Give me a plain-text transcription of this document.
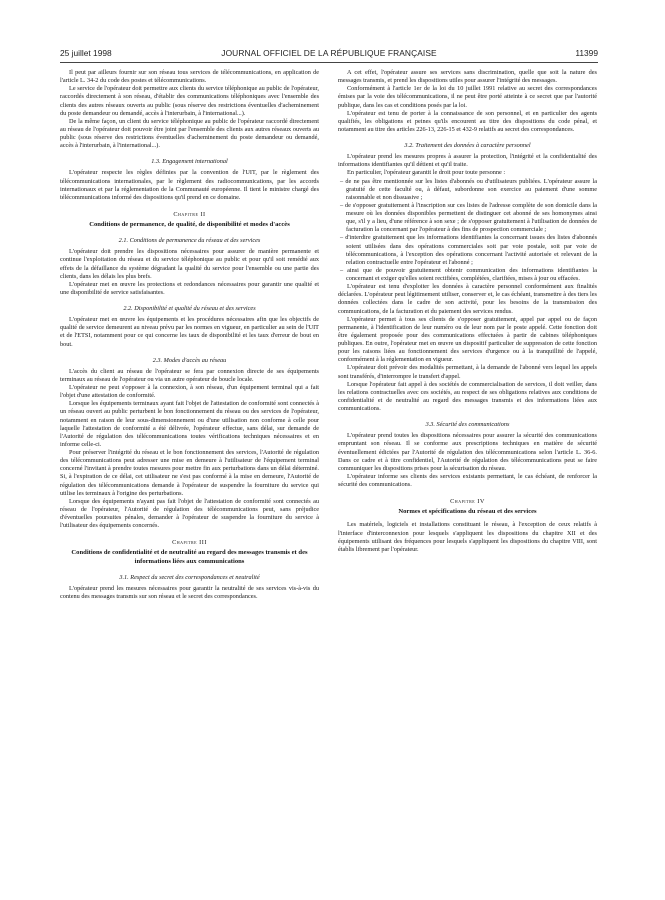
25 juillet 1998	JOURNAL OFFICIEL DE LA RÉPUBLIQUE FRANÇAISE	11399

Il peut par ailleurs fournir sur son réseau tous services de télécommunications, en application de l'article L. 34-2 du code des postes et télécommunications.

Le service de l'opérateur doit permettre aux clients du service téléphonique au public de l'opérateur, raccordés directement à son réseau, d'établir des communications téléphoniques avec l'ensemble des clients des autres réseaux ouverts au public (sous réserve des restrictions éventuelles d'acheminement du poste demandeur ou demandé, accès à l'interurbain, à l'international...).

De la même façon, un client du service téléphonique au public de l'opérateur raccordé directement au réseau de l'opérateur doit pouvoir être joint par l'ensemble des clients aux autres réseaux ouverts au public (sous réserve des restrictions éventuelles d'acheminement du poste demandeur ou demandé, accès à l'interurbain, à l'international...).

1.3. Engagement international

L'opérateur respecte les règles définies par la convention de l'UIT, par le règlement des télécommunications internationales, par le règlement des radiocommunications, par les accords internationaux et par la réglementation de la Communauté européenne. Il tient le ministre chargé des télécommunications informé des dispositions qu'il prend en ce domaine.

Chapitre II

Conditions de permanence, de qualité, de disponibilité et modes d'accès

2.1. Conditions de permanence du réseau et des services

L'opérateur doit prendre les dispositions nécessaires pour assurer de manière permanente et continue l'exploitation du réseau et du service téléphonique au public et pour qu'il soit remédié aux effets de la défaillance du système dégradant la qualité du service pour l'ensemble ou une partie des clients, dans les délais les plus brefs.

L'opérateur met en œuvre les protections et redondances nécessaires pour garantir une qualité et une disponibilité de service satisfaisantes.

2.2. Disponibilité et qualité du réseau et des services

L'opérateur met en œuvre les équipements et les procédures nécessaires afin que les objectifs de qualité de service demeurent au niveau prévu par les normes en vigueur, en particulier au sein de l'UIT et de l'ETSI, notamment pour ce qui concerne les taux de disponibilité et les taux d'erreur de bout en bout.

2.3. Modes d'accès au réseau

L'accès du client au réseau de l'opérateur se fera par connexion directe de ses équipements terminaux au réseau de l'opérateur ou via un autre opérateur de boucle locale.

L'opérateur ne peut s'opposer à la connexion, à son réseau, d'un équipement terminal qui a fait l'objet d'une attestation de conformité.

Lorsque les équipements terminaux ayant fait l'objet de l'attestation de conformité sont connectés à un réseau ouvert au public perturbent le bon fonctionnement du réseau ou des services de l'opérateur, notamment en raison de leur sous-dimensionnement ou d'une utilisation non conforme à celle pour laquelle l'attestation de conformité a été délivrée, l'opérateur effectue, sans délai, sur demande de l'Autorité de régulation des télécommunications toutes vérifications techniques nécessaires et en informe celle-ci.

Pour préserver l'intégrité du réseau et le bon fonctionnement des services, l'Autorité de régulation des télécommunications peut adresser une mise en demeure à l'utilisateur de l'équipement terminal concerné l'invitant à prendre toutes mesures pour mettre fin aux perturbations dans un délai déterminé. Si, à l'expiration de ce délai, cet utilisateur ne s'est pas conformé à la mise en demeure, l'Autorité de régulation des télécommunications demande à l'opérateur de suspendre la fourniture du service qui utilise les terminaux à l'origine des perturbations.

Lorsque des équipements n'ayant pas fait l'objet de l'attestation de conformité sont connectés au réseau de l'opérateur, l'Autorité de régulation des télécommunications peut, sans préjudice d'éventuelles poursuites pénales, demander à l'opérateur de suspendre la fourniture du service à l'utilisateur des équipements concernés.

Chapitre III

Conditions de confidentialité et de neutralité au regard des messages transmis et des informations liées aux communications

3.1. Respect du secret des correspondances et neutralité

L'opérateur prend les mesures nécessaires pour garantir la neutralité de ses services vis-à-vis du contenu des messages transmis sur son réseau et le secret des correspondances.

A cet effet, l'opérateur assure ses services sans discrimination, quelle que soit la nature des messages transmis, et prend les dispositions utiles pour assurer l'intégrité des messages.

Conformément à l'article 1er de la loi du 10 juillet 1991 relative au secret des correspondances émises par la voie des télécommunications, il ne peut être porté atteinte à ce secret que par l'autorité publique, dans les cas et conditions posés par la loi.

L'opérateur est tenu de porter à la connaissance de son personnel, et en particulier des agents qualifiés, les obligations et peines qu'ils encourent au titre des dispositions du code pénal, et notamment au titre des articles 226-13, 226-15 et 432-9 relatifs au secret des correspondances.

3.2. Traitement des données à caractère personnel

L'opérateur prend les mesures propres à assurer la protection, l'intégrité et la confidentialité des informations identifiantes qu'il détient et qu'il traite.

En particulier, l'opérateur garantit le droit pour toute personne :

– de ne pas être mentionnée sur les listes d'abonnés ou d'utilisateurs publiées. L'opérateur assure la gratuité de cette faculté ou, à défaut, subordonne son exercice au paiement d'une somme raisonnable et non dissuasive ;

– de s'opposer gratuitement à l'inscription sur ces listes de l'adresse complète de son domicile dans la mesure où les données disponibles permettent de distinguer cet abonné de ses homonymes ainsi que, s'il y a lieu, d'une référence à son sexe ; de s'opposer gratuitement à l'utilisation de données de facturation la concernant par l'opérateur à des fins de prospection commerciale ;

– d'interdire gratuitement que les informations identifiantes la concernant issues des listes d'abonnés soient utilisées dans des opérations commerciales soit par voie postale, soit par voie de télécommunications, à l'exception des opérations concernant l'activité autorisée et relevant de la relation contractuelle entre l'opérateur et l'abonné ;

– ainsi que de pouvoir gratuitement obtenir communication des informations identifiantes la concernant et exiger qu'elles soient rectifiées, complétées, clarifiées, mises à jour ou effacées.

L'opérateur est tenu d'exploiter les données à caractère personnel conformément aux finalités déclarées. L'opérateur peut légitimement utiliser, conserver et, le cas échéant, transmettre à des tiers les données collectées dans le cadre de son activité, pour les besoins de la transmission des communications, de la facturation et du paiement des services rendus.

L'opérateur permet à tous ses clients de s'opposer gratuitement, appel par appel ou de façon permanente, à l'identification de leur numéro ou de leur nom par le poste appelé. Cette fonction doit être également proposée pour des communications effectuées à partir de cabines téléphoniques publiques. En outre, l'opérateur met en œuvre un dispositif particulier de suppression de cette fonction pour les raisons liées au fonctionnement des services d'urgence ou à la tranquillité de l'appelé, conformément à la réglementation en vigueur.

L'opérateur doit prévoir des modalités permettant, à la demande de l'abonné vers lequel les appels sont transférés, d'interrompre le transfert d'appel.

Lorsque l'opérateur fait appel à des sociétés de commercialisation de services, il doit veiller, dans les relations contractuelles avec ces sociétés, au respect de ses obligations relatives aux conditions de confidentialité et de neutralité au regard des messages transmis et des informations liées aux communications.

3.3. Sécurité des communications

L'opérateur prend toutes les dispositions nécessaires pour assurer la sécurité des communications empruntant son réseau. Il se conforme aux prescriptions techniques en matière de sécurité éventuellement édictées par l'Autorité de régulation des télécommunications selon l'article L. 36-6. Dans ce cadre et à titre confidentiel, l'Autorité de régulation des télécommunications peut se faire communiquer les dispositions prises pour la sécurisation du réseau.

L'opérateur informe ses clients des services existants permettant, le cas échéant, de renforcer la sécurité des communications.

Chapitre IV

Normes et spécifications du réseau et des services

Les matériels, logiciels et installations constituant le réseau, à l'exception de ceux relatifs à l'interface d'interconnexion pour lesquels s'appliquent les dispositions du chapitre XII et des équipements utilisant des fréquences pour lesquels s'appliquent les dispositions du chapitre VIII, sont établis librement par l'opérateur.
